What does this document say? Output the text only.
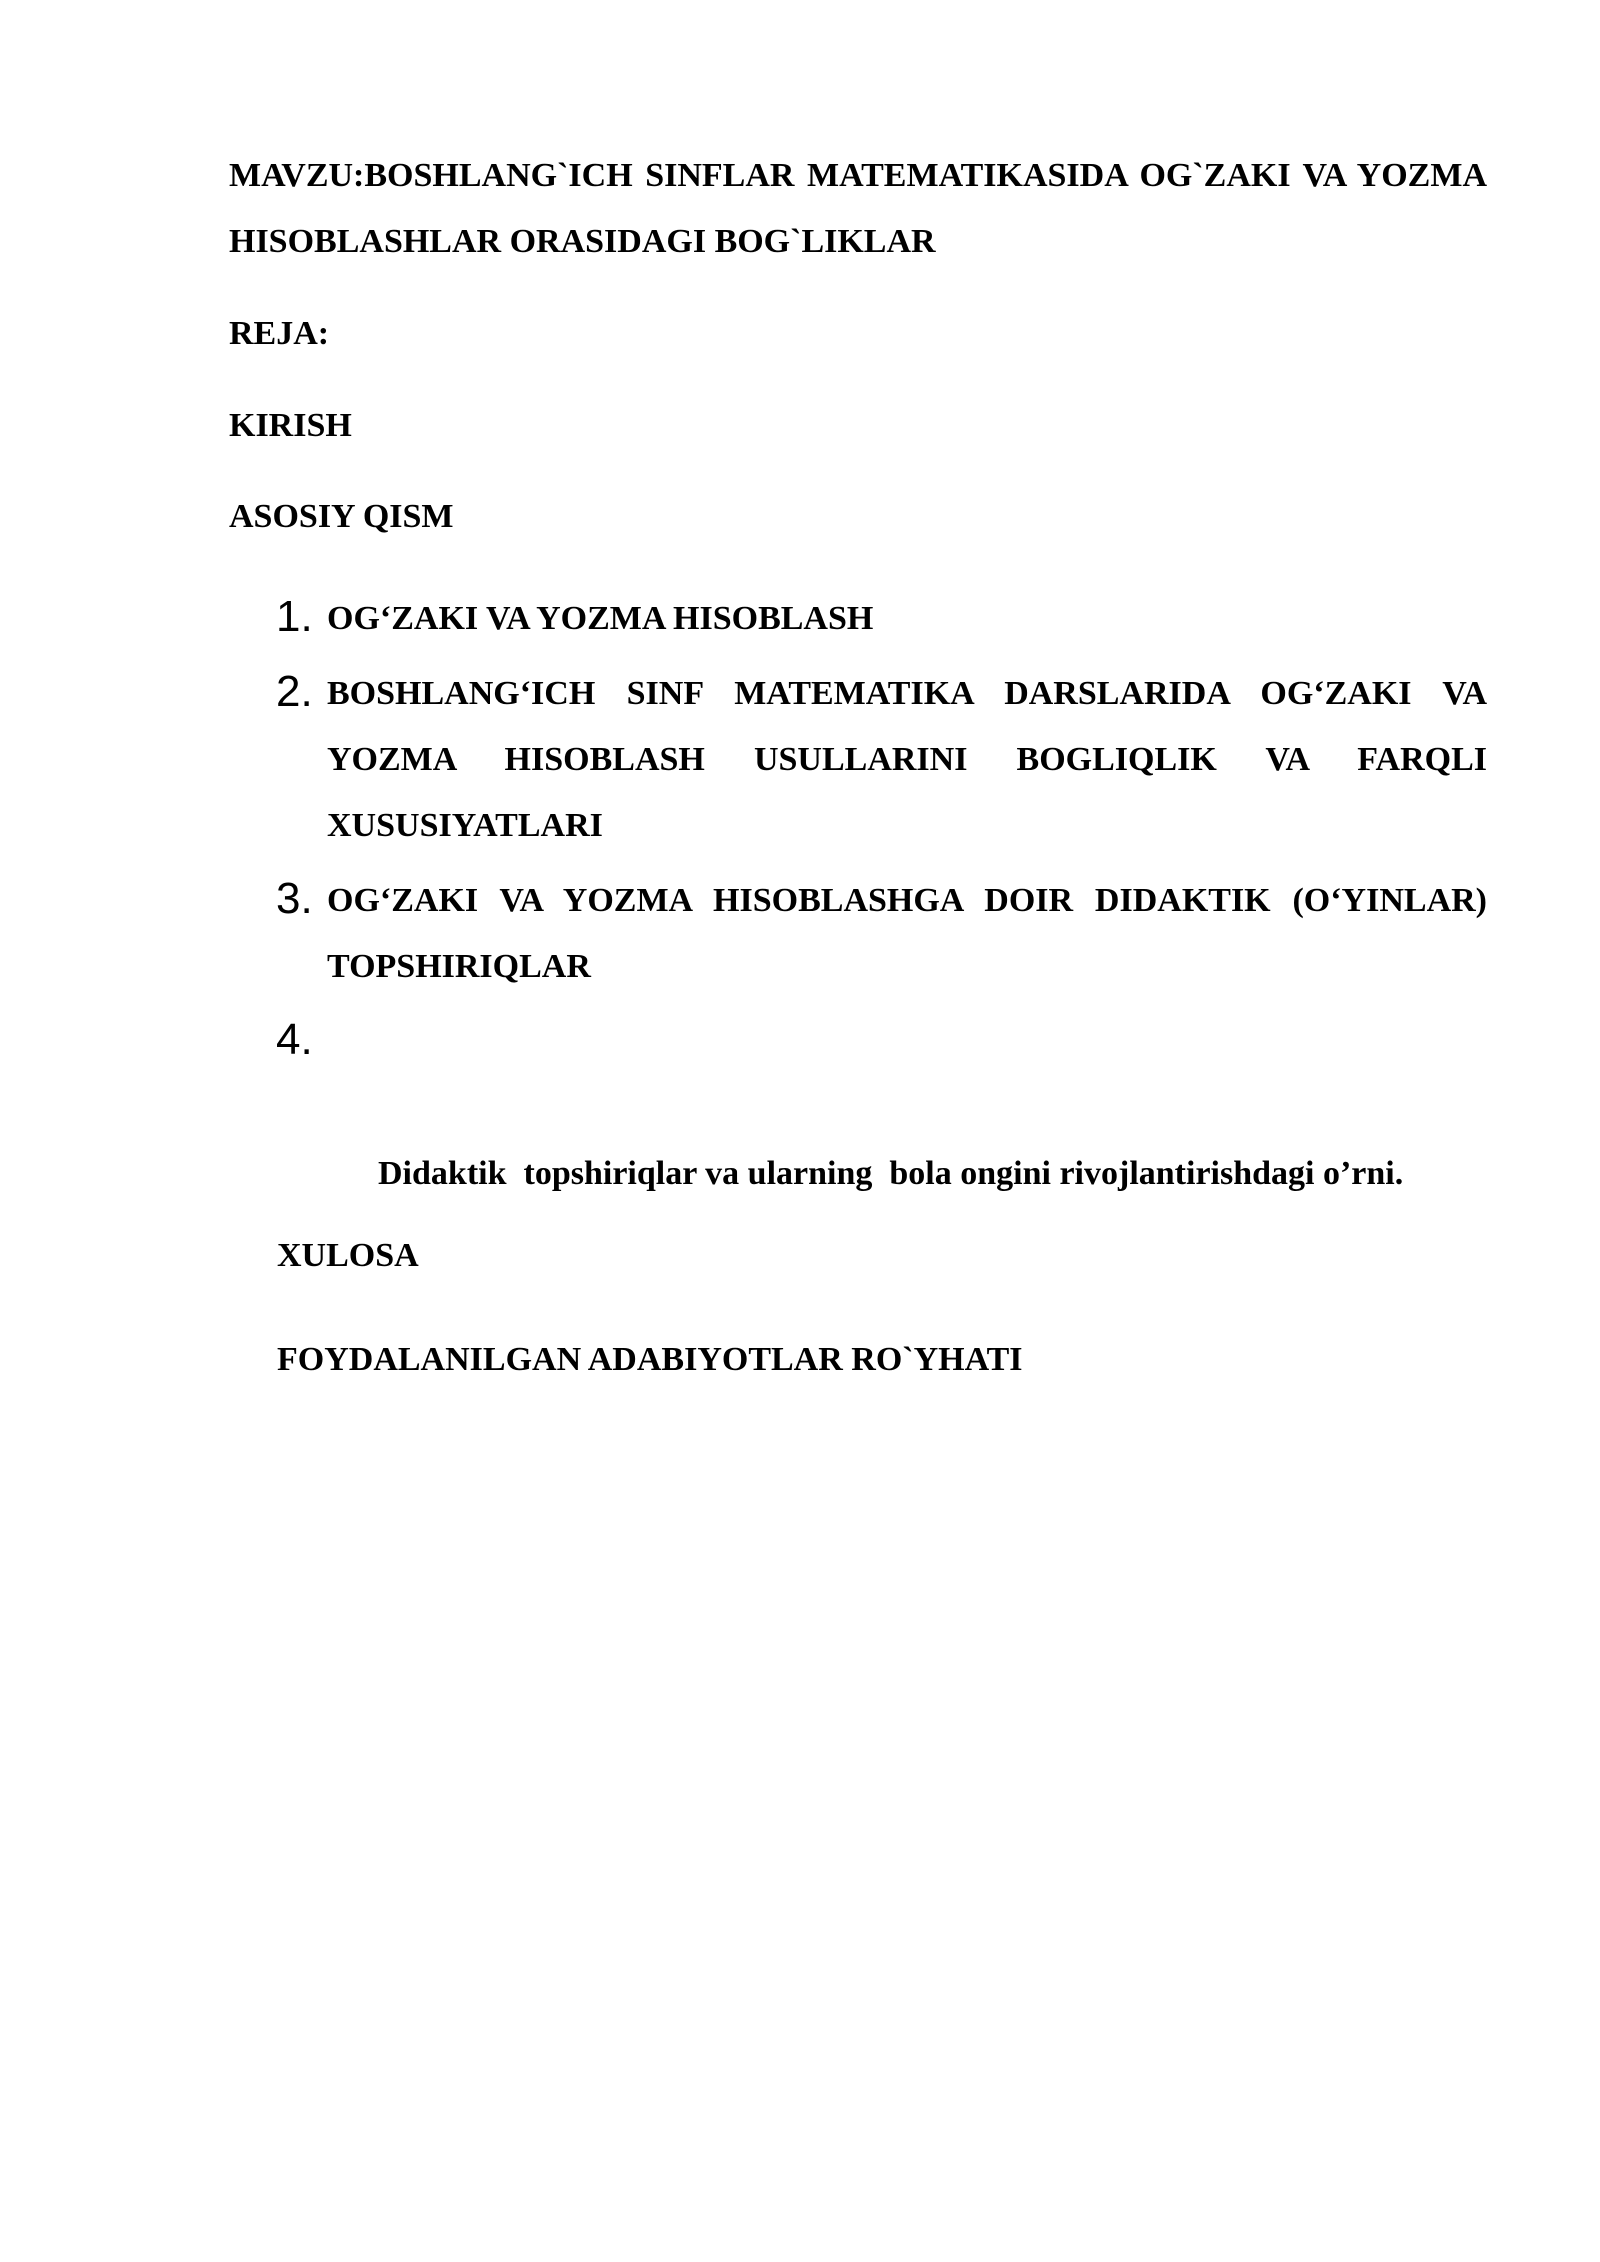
MAVZU:BOSHLANG`ICH SINFLAR MATEMATIKASIDA OG`ZAKI VA YOZMA HISOBLASHLAR ORASIDAGI BOG`LIKLAR

REJA:

KIRISH

ASOSIY QISM

1. OG‘ZAKI VA YOZMA HISOBLASH
2. BOSHLANG‘ICH SINF MATEMATIKA DARSLARIDA OG‘ZAKI VA YOZMA HISOBLASH USULLARINI BOGLIQLIK VA FARQLI XUSUSIYATLARI
3. OG‘ZAKI VA YOZMA HISOBLASHGA DOIR DIDAKTIK (O‘YINLAR) TOPSHIRIQLAR

4.

Didaktik  topshiriqlar va ularning  bola ongini rivojlantirishdagi o’rni.

XULOSA

FOYDALANILGAN ADABIYOTLAR RO`YHATI
